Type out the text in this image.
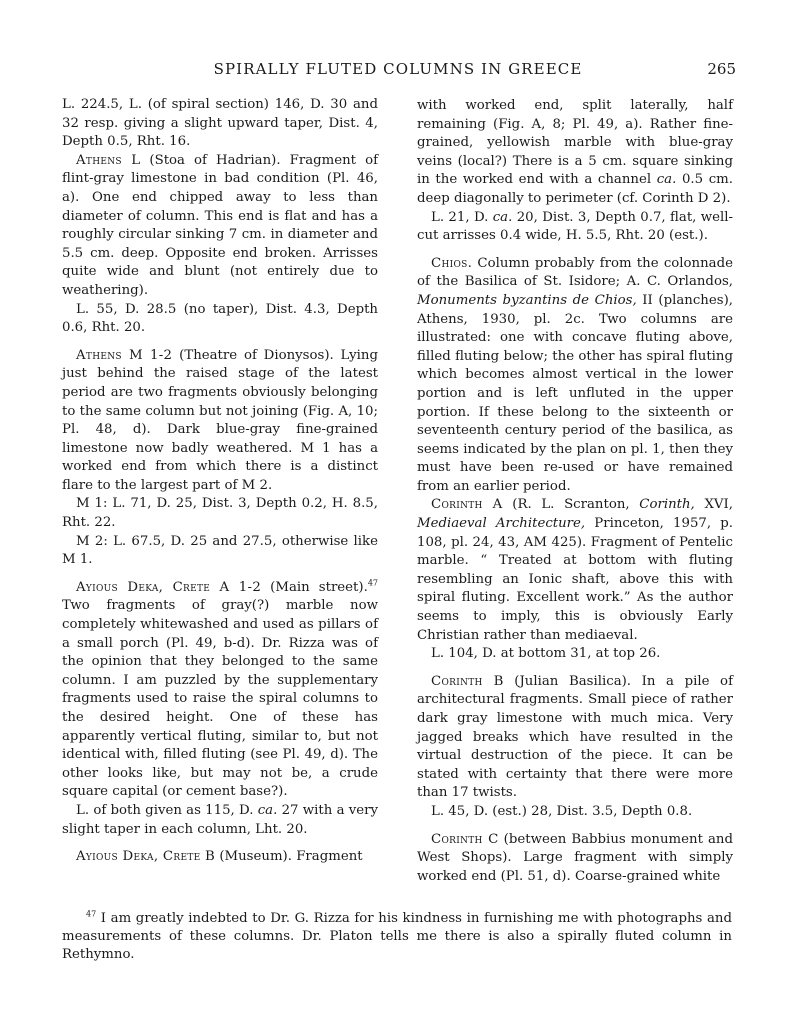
SPIRALLY FLUTED COLUMNS IN GREECE	265

L. 224.5, L. (of spiral section) 146, D. 30 and 32 resp. giving a slight upward taper, Dist. 4, Depth 0.5, Rht. 16.

Athens L (Stoa of Hadrian). Fragment of flint-gray limestone in bad condition (Pl. 46, a). One end chipped away to less than diameter of column. This end is flat and has a roughly circular sinking 7 cm. in diameter and 5.5 cm. deep. Opposite end broken. Arrisses quite wide and blunt (not entirely due to weathering).

L. 55, D. 28.5 (no taper), Dist. 4.3, Depth 0.6, Rht. 20.

Athens M 1-2 (Theatre of Dionysos). Lying just behind the raised stage of the latest period are two fragments obviously belonging to the same column but not joining (Fig. A, 10; Pl. 48, d). Dark blue-gray fine-grained limestone now badly weathered. M 1 has a worked end from which there is a distinct flare to the largest part of M 2.

M 1: L. 71, D. 25, Dist. 3, Depth 0.2, H. 8.5, Rht. 22.

M 2: L. 67.5, D. 25 and 27.5, otherwise like M 1.

Ayious Deka, Crete A 1-2 (Main street).$^{47}$ Two fragments of gray(?) marble now completely whitewashed and used as pillars of a small porch (Pl. 49, b-d). Dr. Rizza was of the opinion that they belonged to the same column. I am puzzled by the supplementary fragments used to raise the spiral columns to the desired height. One of these has apparently vertical fluting, similar to, but not identical with, filled fluting (see Pl. 49, d). The other looks like, but may not be, a crude square capital (or cement base?).

L. of both given as 115, D. ca. 27 with a very slight taper in each column, Lht. 20.

Ayious Deka, Crete B (Museum). Fragment

with worked end, split laterally, half remaining (Fig. A, 8; Pl. 49, a). Rather fine-grained, yellowish marble with blue-gray veins (local?) There is a 5 cm. square sinking in the worked end with a channel ca. 0.5 cm. deep diagonally to perimeter (cf. Corinth D 2).

L. 21, D. ca. 20, Dist. 3, Depth 0.7, flat, well-cut arrisses 0.4 wide, H. 5.5, Rht. 20 (est.).

Chios. Column probably from the colonnade of the Basilica of St. Isidore; A. C. Orlandos, Monuments byzantins de Chios, II (planches), Athens, 1930, pl. 2c. Two columns are illustrated: one with concave fluting above, filled fluting below; the other has spiral fluting which becomes almost vertical in the lower portion and is left unfluted in the upper portion. If these belong to the sixteenth or seventeenth century period of the basilica, as seems indicated by the plan on pl. 1, then they must have been re-used or have remained from an earlier period.

Corinth A (R. L. Scranton, Corinth, XVI, Mediaeval Architecture, Princeton, 1957, p. 108, pl. 24, 43, AM 425). Fragment of Pentelic marble. “ Treated at bottom with fluting resembling an Ionic shaft, above this with spiral fluting. Excellent work.” As the author seems to imply, this is obviously Early Christian rather than mediaeval.

L. 104, D. at bottom 31, at top 26.

Corinth B (Julian Basilica). In a pile of architectural fragments. Small piece of rather dark gray limestone with much mica. Very jagged breaks which have resulted in the virtual destruction of the piece. It can be stated with certainty that there were more than 17 twists.

L. 45, D. (est.) 28, Dist. 3.5, Depth 0.8.

Corinth C (between Babbius monument and West Shops). Large fragment with simply worked end (Pl. 51, d). Coarse-grained white

$^{47}$ I am greatly indebted to Dr. G. Rizza for his kindness in furnishing me with photographs and measurements of these columns. Dr. Platon tells me there is also a spirally fluted column in Rethymno.
